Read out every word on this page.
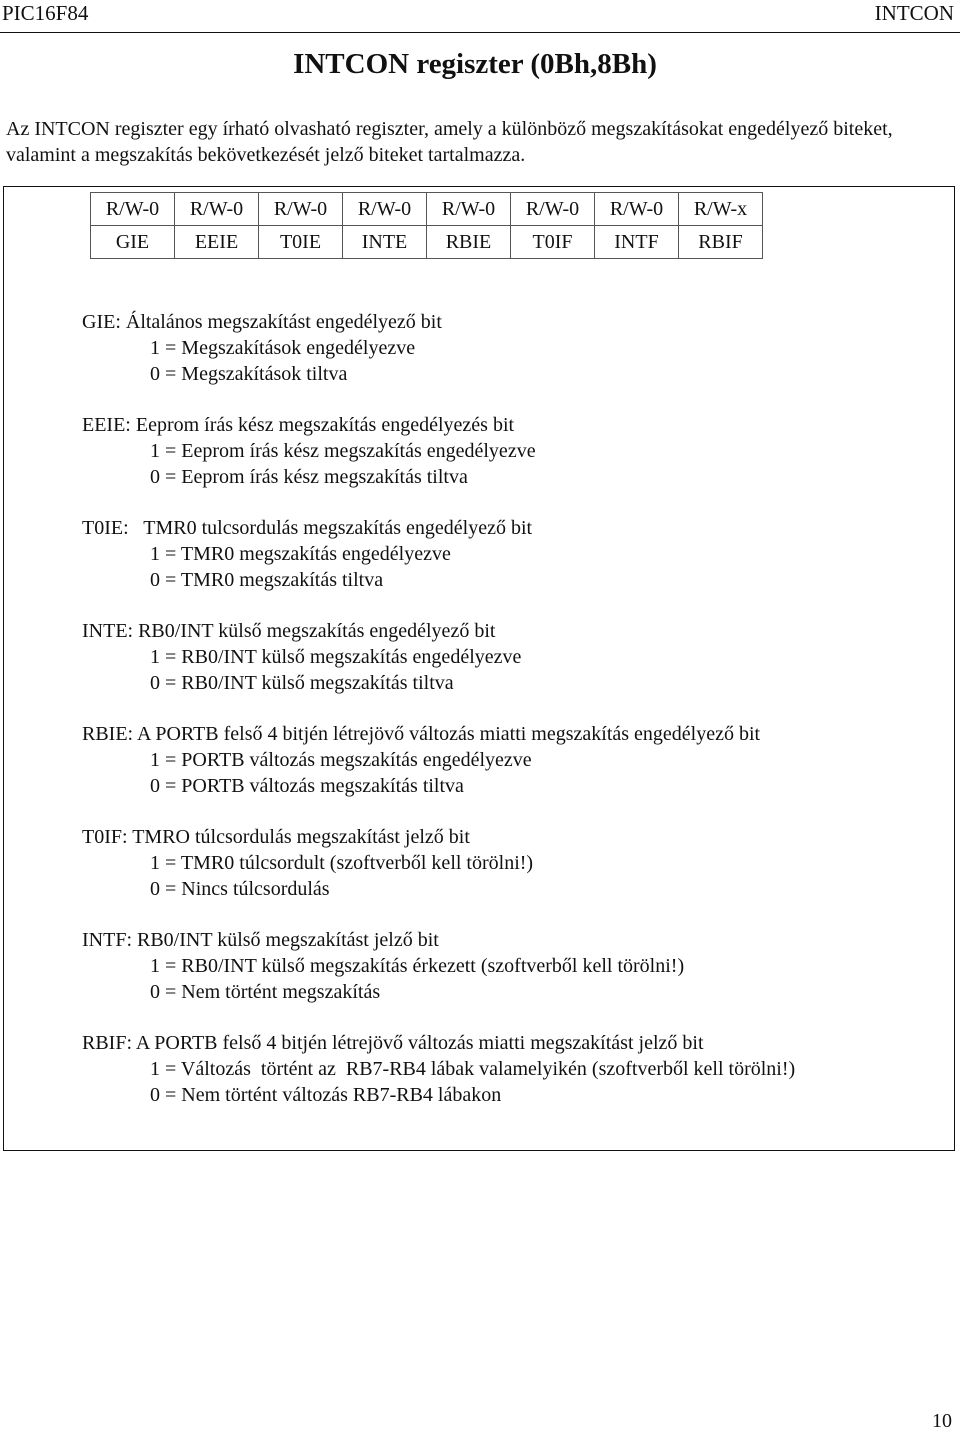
PIC16F84	INTCON
INTCON regiszter (0Bh,8Bh)
Az INTCON regiszter egy írható olvasható regiszter, amely a különböző megszakításokat engedélyező biteket, valamint a megszakítás bekövetkezését jelző biteket tartalmazza.
R/W-0	R/W-0	R/W-0	R/W-0	R/W-0	R/W-0	R/W-0	R/W-x
GIE	EEIE	T0IE	INTE	RBIE	T0IF	INTF	RBIF
GIE: Általános megszakítást engedélyező bit
1 = Megszakítások engedélyezve
0 = Megszakítások tiltva
EEIE: Eeprom írás kész megszakítás engedélyezés bit
1 = Eeprom írás kész megszakítás engedélyezve
0 = Eeprom írás kész megszakítás tiltva
T0IE:   TMR0 tulcsordulás megszakítás engedélyező bit
1 = TMR0 megszakítás engedélyezve
0 = TMR0 megszakítás tiltva
INTE: RB0/INT külső megszakítás engedélyező bit
1 = RB0/INT külső megszakítás engedélyezve
0 = RB0/INT külső megszakítás tiltva
RBIE: A PORTB felső 4 bitjén létrejövő változás miatti megszakítás engedélyező bit
1 = PORTB változás megszakítás engedélyezve
0 = PORTB változás megszakítás tiltva
T0IF: TMRO túlcsordulás megszakítást jelző bit
1 = TMR0 túlcsordult (szoftverből kell törölni!)
0 = Nincs túlcsordulás
INTF: RB0/INT külső megszakítást jelző bit
1 = RB0/INT külső megszakítás érkezett (szoftverből kell törölni!)
0 = Nem történt megszakítás
RBIF: A PORTB felső 4 bitjén létrejövő változás miatti megszakítást jelző bit
1 = Változás  történt az  RB7-RB4 lábak valamelyikén (szoftverből kell törölni!)
0 = Nem történt változás RB7-RB4 lábakon
10
